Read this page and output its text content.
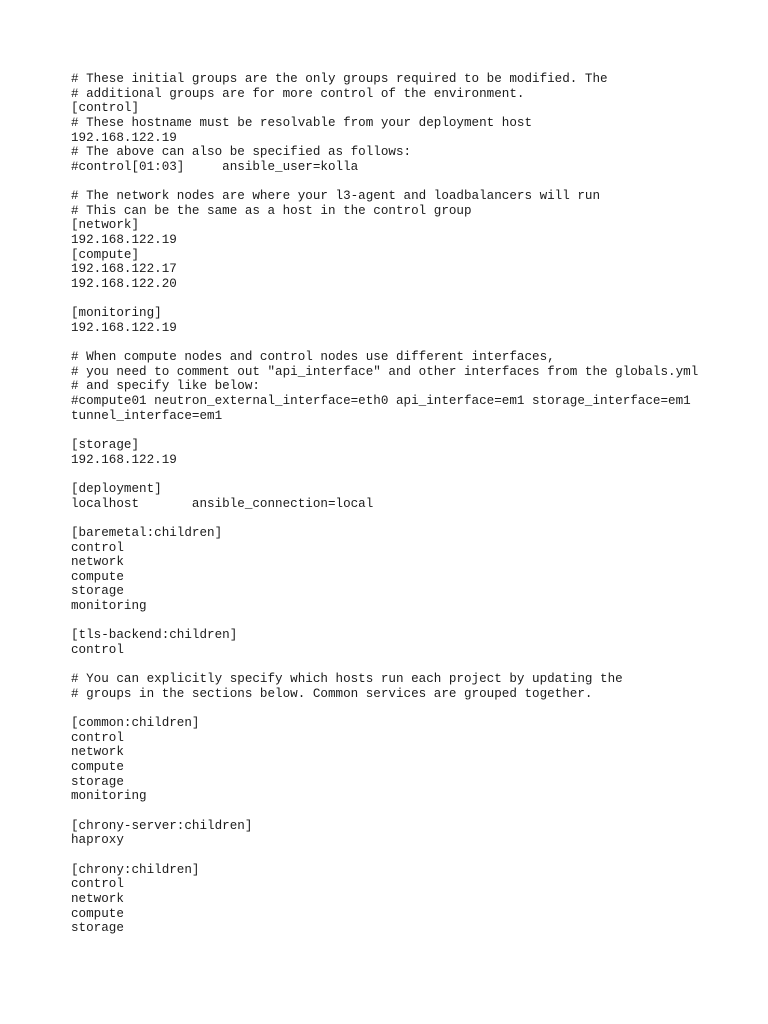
# These initial groups are the only groups required to be modified. The
# additional groups are for more control of the environment.
[control]
# These hostname must be resolvable from your deployment host
192.168.122.19
# The above can also be specified as follows:
#control[01:03]     ansible_user=kolla

# The network nodes are where your l3-agent and loadbalancers will run
# This can be the same as a host in the control group
[network]
192.168.122.19
[compute]
192.168.122.17
192.168.122.20

[monitoring]
192.168.122.19

# When compute nodes and control nodes use different interfaces,
# you need to comment out "api_interface" and other interfaces from the globals.yml
# and specify like below:
#compute01 neutron_external_interface=eth0 api_interface=em1 storage_interface=em1
tunnel_interface=em1

[storage]
192.168.122.19

[deployment]
localhost       ansible_connection=local

[baremetal:children]
control
network
compute
storage
monitoring

[tls-backend:children]
control

# You can explicitly specify which hosts run each project by updating the
# groups in the sections below. Common services are grouped together.

[common:children]
control
network
compute
storage
monitoring

[chrony-server:children]
haproxy

[chrony:children]
control
network
compute
storage
